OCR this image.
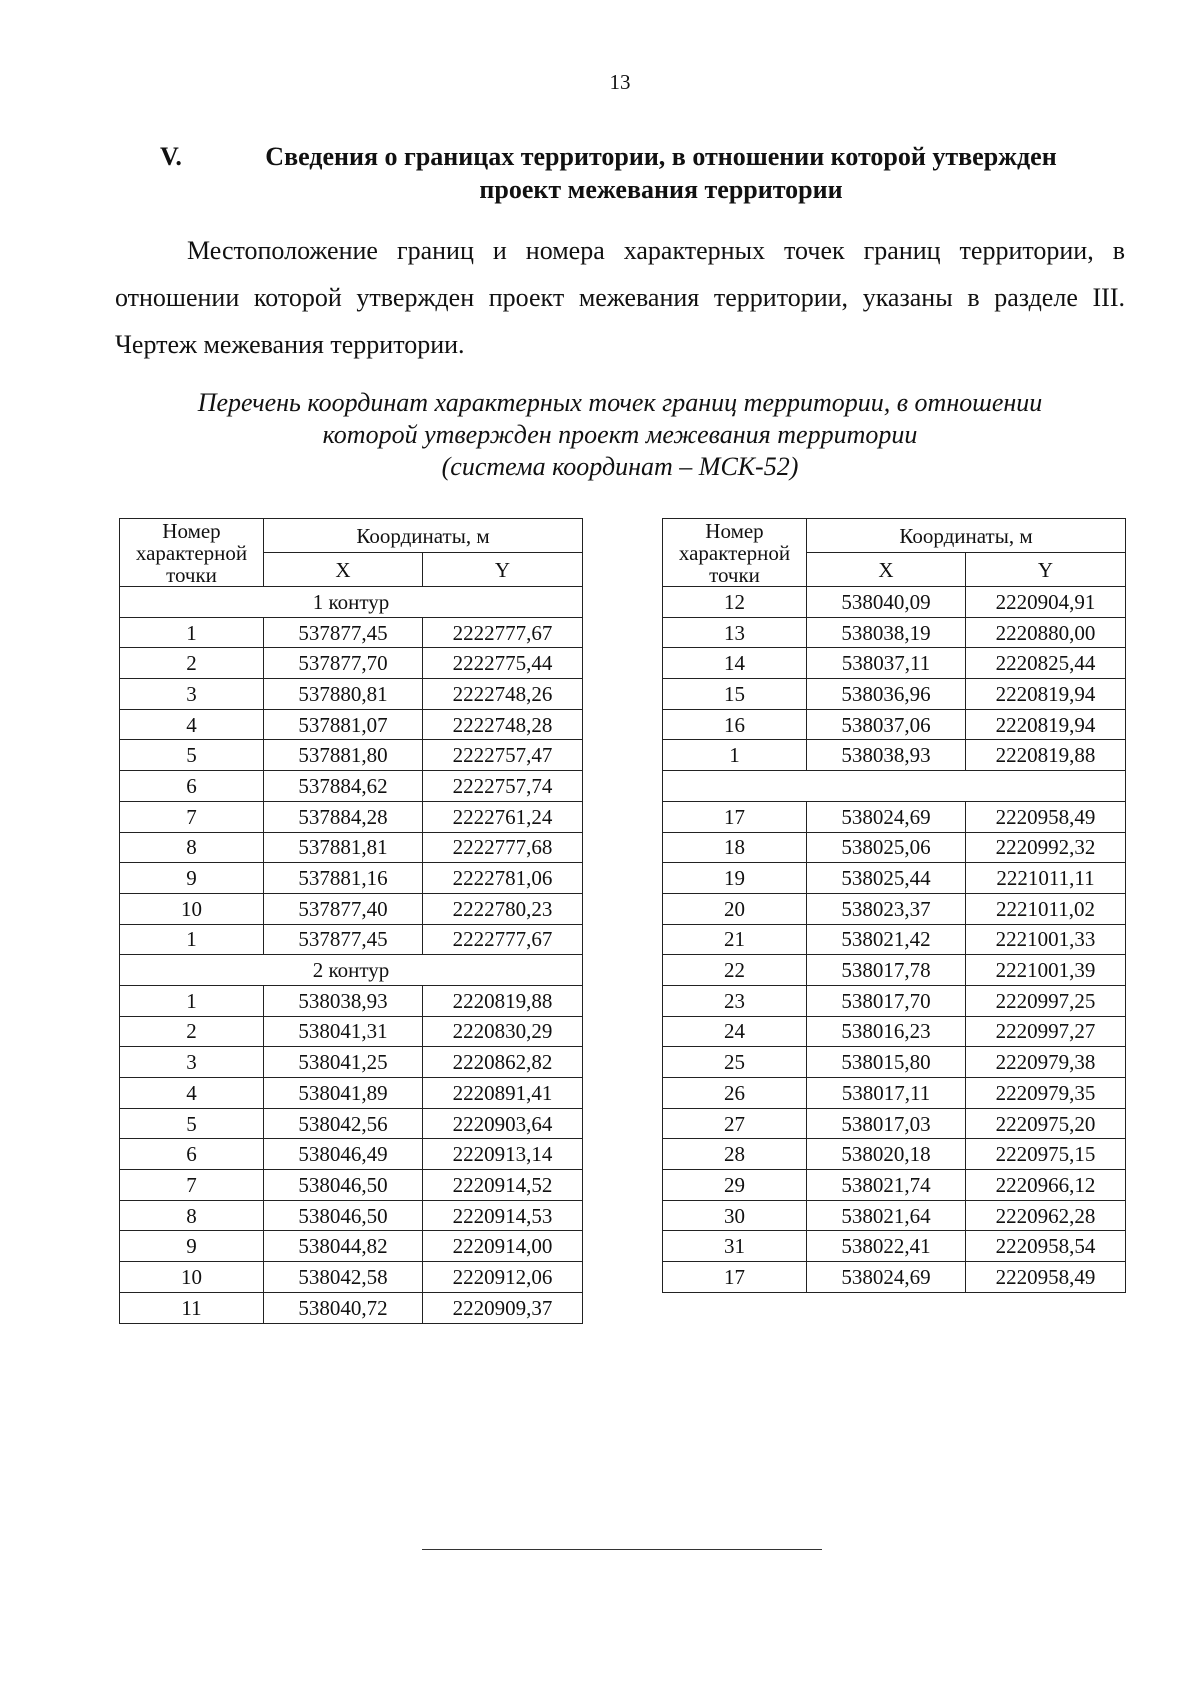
13
V.	Сведения о границах территории, в отношении которой утвержден проект межевания территории
Местоположение границ и номера характерных точек границ территории, в отношении которой утвержден проект межевания территории, указаны в разделе III. Чертеж межевания территории.
Перечень координат характерных точек границ территории, в отношении
которой утвержден проект межевания территории
(система координат – МСК-52)
Номер
характерной
точки	Координаты, м	
	X	Y
1 контур		
1	537877,45	2222777,67
2	537877,70	2222775,44
3	537880,81	2222748,26
4	537881,07	2222748,28
5	537881,80	2222757,47
6	537884,62	2222757,74
7	537884,28	2222761,24
8	537881,81	2222777,68
9	537881,16	2222781,06
10	537877,40	2222780,23
1	537877,45	2222777,67
2 контур		
1	538038,93	2220819,88
2	538041,31	2220830,29
3	538041,25	2220862,82
4	538041,89	2220891,41
5	538042,56	2220903,64
6	538046,49	2220913,14
7	538046,50	2220914,52
8	538046,50	2220914,53
9	538044,82	2220914,00
10	538042,58	2220912,06
11	538040,72	2220909,37
Номер
характерной
точки	Координаты, м	
	X	Y
12	538040,09	2220904,91
13	538038,19	2220880,00
14	538037,11	2220825,44
15	538036,96	2220819,94
16	538037,06	2220819,94
1	538038,93	2220819,88

17	538024,69	2220958,49
18	538025,06	2220992,32
19	538025,44	2221011,11
20	538023,37	2221011,02
21	538021,42	2221001,33
22	538017,78	2221001,39
23	538017,70	2220997,25
24	538016,23	2220997,27
25	538015,80	2220979,38
26	538017,11	2220979,35
27	538017,03	2220975,20
28	538020,18	2220975,15
29	538021,74	2220966,12
30	538021,64	2220962,28
31	538022,41	2220958,54
17	538024,69	2220958,49
